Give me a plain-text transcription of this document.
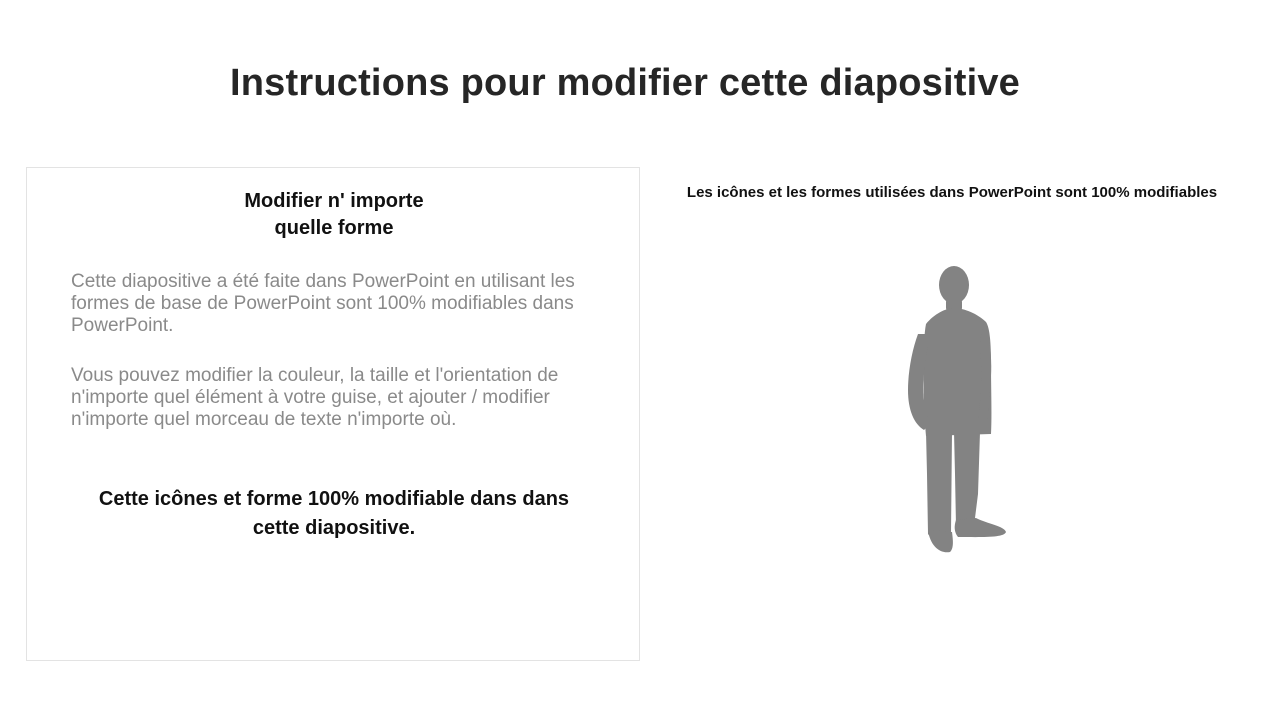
Instructions pour modifier cette diapositive
Modifier n' importe
quelle forme
Cette diapositive a été faite dans PowerPoint en utilisant les formes de base de PowerPoint sont 100% modifiables dans PowerPoint.
Vous pouvez modifier la couleur, la taille et l'orientation de n'importe quel élément à votre guise, et ajouter / modifier n'importe quel morceau de texte n'importe où.
Cette icônes et forme 100% modifiable dans dans
cette diapositive.
Les icônes et les formes utilisées dans PowerPoint sont 100% modifiables
